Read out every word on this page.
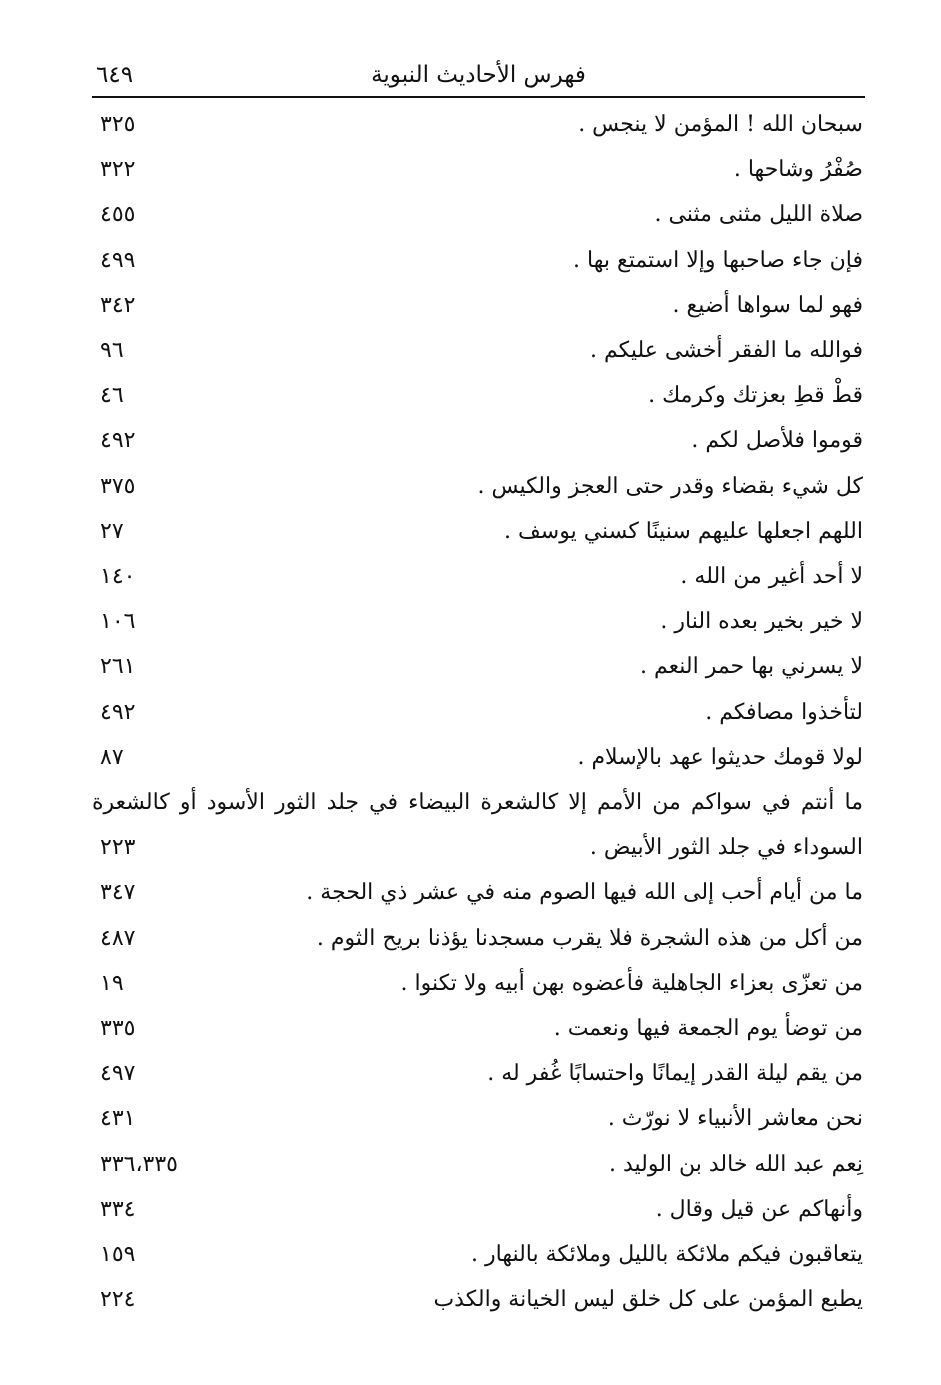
فهرس الأحاديث النبوية
٦٤٩
سبحان الله ! المؤمن لا ينجس .
٣٢٥
صُفْرُ وشاحها .
٣٢٢
صلاة الليل مثنى مثنى .
٤٥٥
فإن جاء صاحبها وإلا استمتع بها .
٤٩٩
فهو لما سواها أضيع .
٣٤٢
فوالله ما الفقر أخشى عليكم .
٩٦
قطْ قطِ بعزتك وكرمك .
٤٦
قوموا فلأصل لكم .
٤٩٢
كل شيء بقضاء وقدر حتى العجز والكيس .
٣٧٥
اللهم اجعلها عليهم سنينًا كسني يوسف .
٢٧
لا أحد أغير من الله .
١٤٠
لا خير بخير بعده النار .
١٠٦
لا يسرني بها حمر النعم .
٢٦١
لتأخذوا مصافكم .
٤٩٢
لولا قومك حديثوا عهد بالإسلام .
٨٧
ما أنتم في سواكم من الأمم إلا كالشعرة البيضاء في جلد الثور الأسود أو كالشعرة السوداء في جلد الثور الأبيض .
٢٢٣
ما من أيام أحب إلى الله فيها الصوم منه في عشر ذي الحجة .
٣٤٧
من أكل من هذه الشجرة فلا يقرب مسجدنا يؤذنا بريح الثوم .
٤٨٧
من تعزّى بعزاء الجاهلية فأعضوه بهن أبيه ولا تكنوا .
١٩
من توضأ يوم الجمعة فيها ونعمت .
٣٣٥
من يقم ليلة القدر إيمانًا واحتسابًا غُفر له .
٤٩٧
نحن معاشر الأنبياء لا نورّث .
٤٣١
نِعم عبد الله خالد بن الوليد .
٣٣٦،٣٣٥
وأنهاكم عن قيل وقال .
٣٣٤
يتعاقبون فيكم ملائكة بالليل وملائكة بالنهار .
١٥٩
يطبع المؤمن على كل خلق ليس الخيانة والكذب
٢٢٤
